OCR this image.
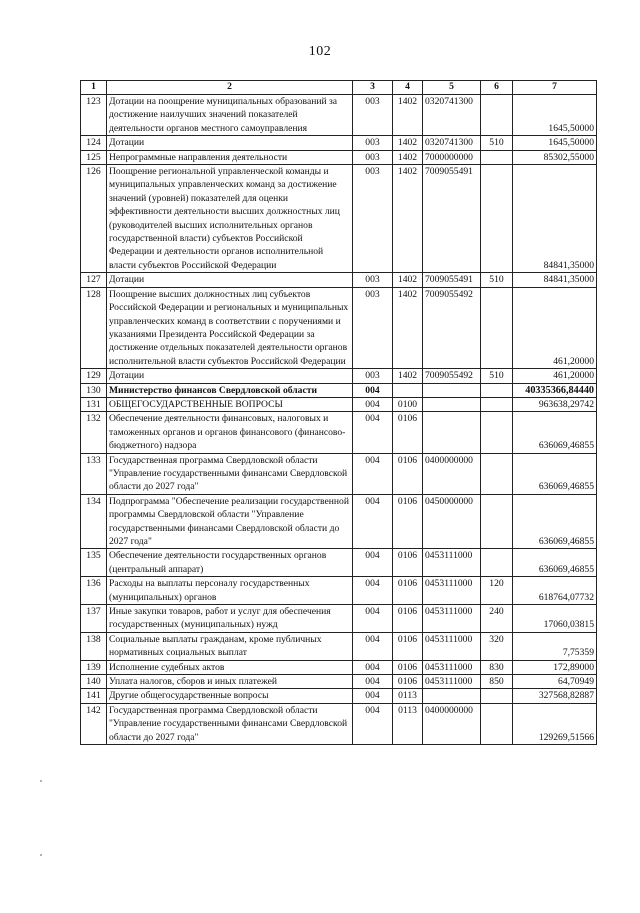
102
1	2	3	4	5	6	7
123	Дотации на поощрение муниципальных образований за достижение наилучших значений показателей деятельности органов местного самоуправления	003	1402	0320741300		1645,50000
124	Дотации	003	1402	0320741300	510	1645,50000
125	Непрограммные направления деятельности	003	1402	7000000000		85302,55000
126	Поощрение региональной управленческой команды и муниципальных управленческих команд за достижение значений (уровней) показателей для оценки эффективности деятельности высших должностных лиц (руководителей высших исполнительных органов государственной власти) субъектов Российской Федерации и деятельности органов исполнительной власти субъектов Российской Федерации	003	1402	7009055491		84841,35000
127	Дотации	003	1402	7009055491	510	84841,35000
128	Поощрение высших должностных лиц субъектов Российской Федерации и региональных и муниципальных управленческих команд в соответствии с поручениями и указаниями Президента Российской Федерации за достижение отдельных показателей деятельности органов исполнительной власти субъектов Российской Федерации	003	1402	7009055492		461,20000
129	Дотации	003	1402	7009055492	510	461,20000
130	Министерство финансов Свердловской области	004				40335366,84440
131	ОБЩЕГОСУДАРСТВЕННЫЕ ВОПРОСЫ	004	0100			963638,29742
132	Обеспечение деятельности финансовых, налоговых и таможенных органов и органов финансового (финансово-бюджетного) надзора	004	0106			636069,46855
133	Государственная программа Свердловской области "Управление государственными финансами Свердловской области до 2027 года"	004	0106	0400000000		636069,46855
134	Подпрограмма "Обеспечение реализации государственной программы Свердловской области "Управление государственными финансами Свердловской области до 2027 года"	004	0106	0450000000		636069,46855
135	Обеспечение деятельности государственных органов (центральный аппарат)	004	0106	0453111000		636069,46855
136	Расходы на выплаты персоналу государственных (муниципальных) органов	004	0106	0453111000	120	618764,07732
137	Иные закупки товаров, работ и услуг для обеспечения государственных (муниципальных) нужд	004	0106	0453111000	240	17060,03815
138	Социальные выплаты гражданам, кроме публичных нормативных социальных выплат	004	0106	0453111000	320	7,75359
139	Исполнение судебных актов	004	0106	0453111000	830	172,89000
140	Уплата налогов, сборов и иных платежей	004	0106	0453111000	850	64,70949
141	Другие общегосударственные вопросы	004	0113			327568,82887
142	Государственная программа Свердловской области "Управление государственными финансами Свердловской области до 2027 года"	004	0113	0400000000		129269,51566
